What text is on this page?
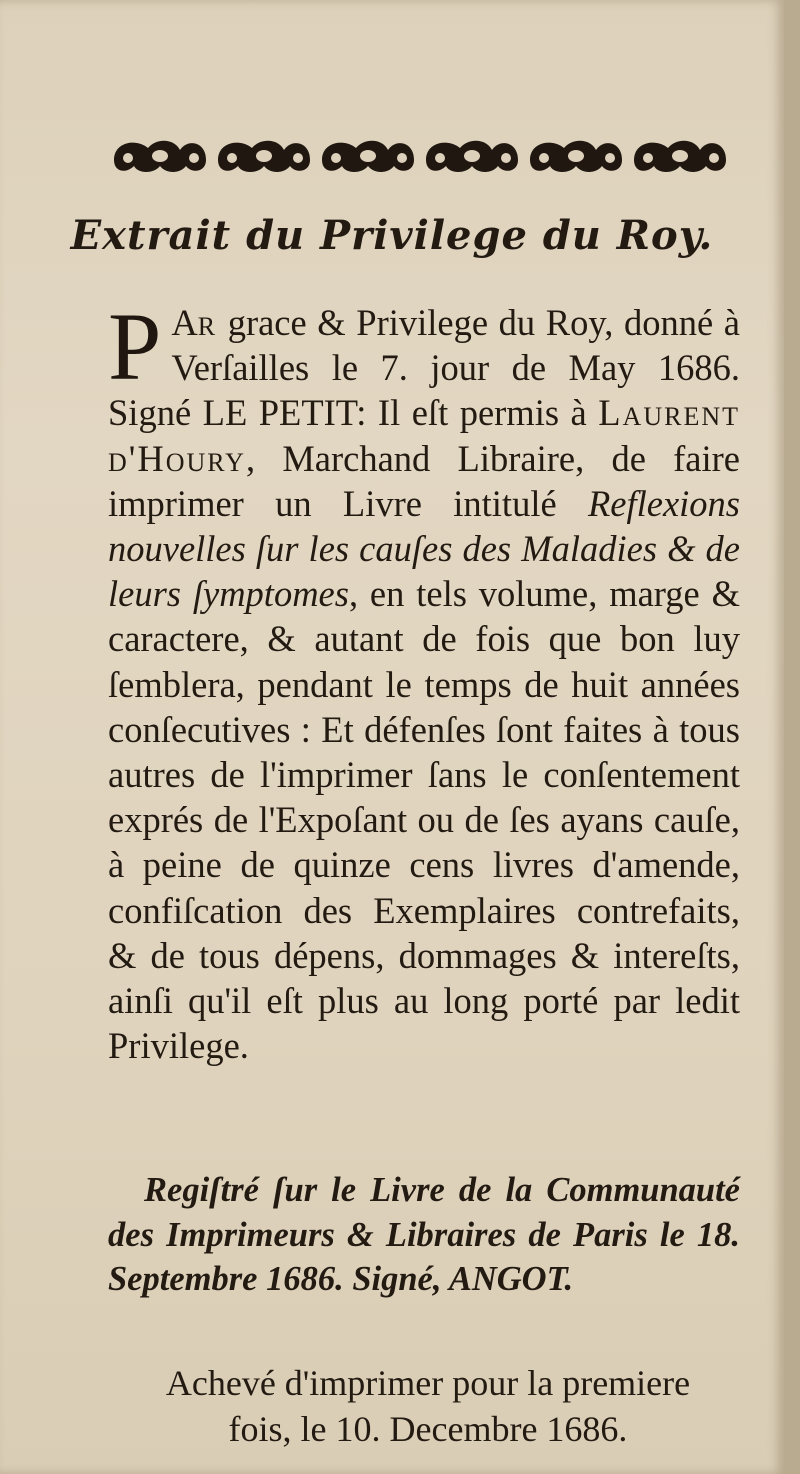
Extrait du Privilege du Roy.

P Ar grace & Privilege du Roy, donné à Verſailles le 7. jour de May 1686. Signé LE PETIT: Il eſt permis à Laurent d'Houry, Marchand Libraire, de faire imprimer un Livre intitulé Reflexions nouvelles ſur les cauſes des Maladies & de leurs ſymptomes, en tels volume, marge & caractere, & autant de fois que bon luy ſemblera, pendant le temps de huit années conſecutives : Et défenſes ſont faites à tous autres de l'imprimer ſans le conſentement exprés de l'Expoſant ou de ſes ayans cauſe, à peine de quinze cens livres d'amende, confiſcation des Exemplaires contrefaits, & de tous dépens, dommages & intereſts, ainſi qu'il eſt plus au long porté par ledit Privilege.

Regiſtré ſur le Livre de la Communauté des Imprimeurs & Libraires de Paris le 18. Septembre 1686. Signé, ANGOT.

Achevé d'imprimer pour la premiere
fois, le 10. Decembre 1686.
